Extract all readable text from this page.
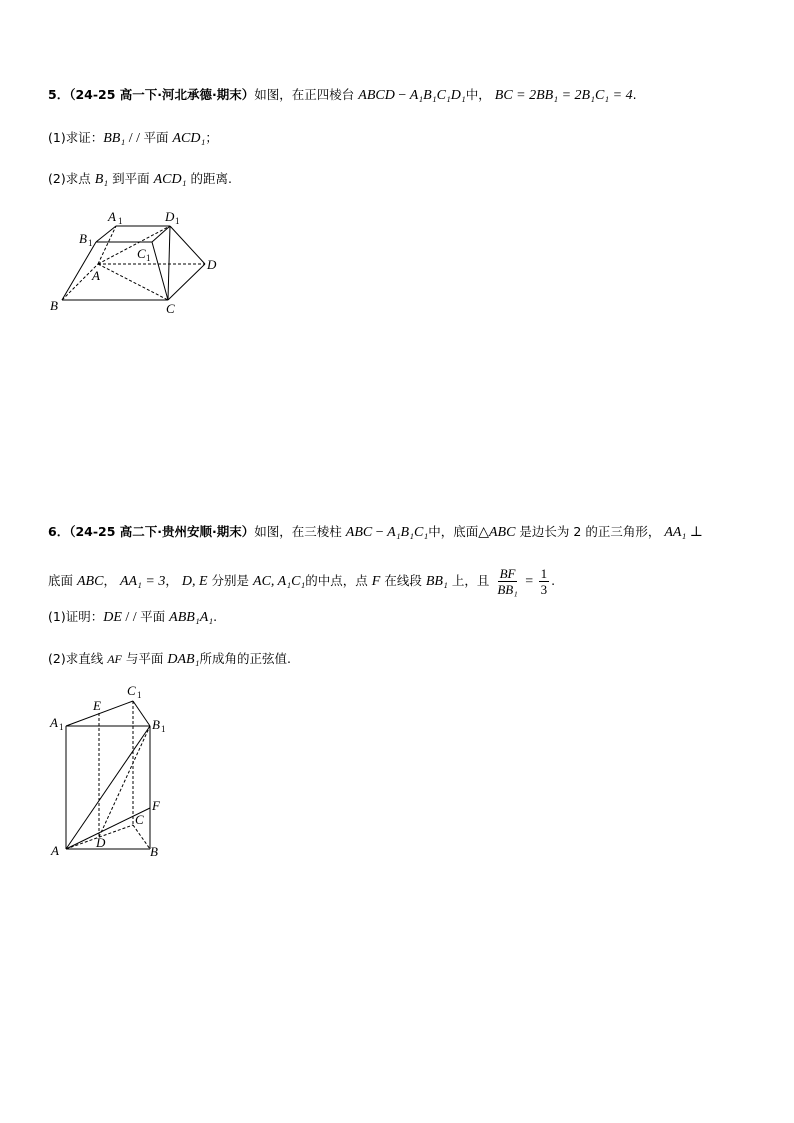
5．（24-25 高一下·河北承德·期末）如图，在正四棱台 ABCD − A₁B₁C₁D₁中， BC = 2BB₁ = 2B₁C₁ = 4.
(1)求证：BB₁ / / 平面 ACD₁；
(2)求点 B₁ 到平面 ACD₁ 的距离.
A 1	D 1
B 1
C 1
A
D
B	C
6．（24-25 高二下·贵州安顺·期末）如图，在三棱柱 ABC − A₁B₁C₁中，底面△ABC 是边长为 2 的正三角形， AA₁ ⊥
底面 ABC， AA₁ = 3， D, E 分别是 AC, A₁C₁的中点，点 F 在线段 BB₁ 上，且 $\frac{BF}{\text{BB₁}} = \frac{1}{3}$ .
(1)证明：DE / / 平面 ABB₁A₁.
(2)求直线 AF 与平面 DAB₁所成角的正弦值.
C 1
E
A 1	B 1
F
C
D
A	B
